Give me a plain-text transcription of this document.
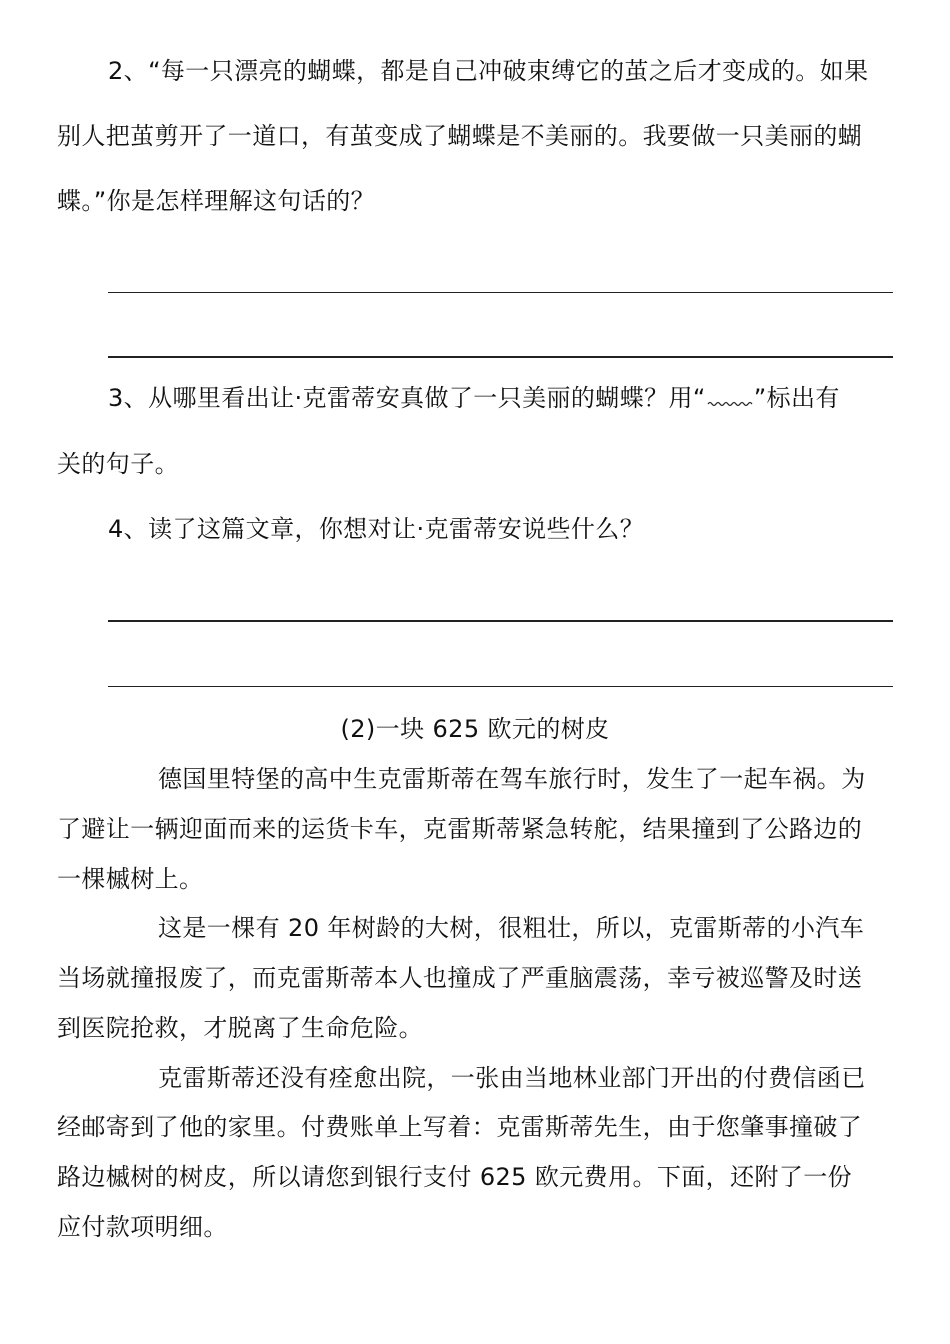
2、“每一只漂亮的蝴蝶，都是自己冲破束缚它的茧之后才变成的。如果

别人把茧剪开了一道口，有茧变成了蝴蝶是不美丽的。我要做一只美丽的蝴

蝶。”你是怎样理解这句话的？

3、从哪里看出让·克雷蒂安真做了一只美丽的蝴蝶？用“ ”标出有

关的句子。

4、读了这篇文章，你想对让·克雷蒂安说些什么？

(2)一块 625 欧元的树皮

德国里特堡的高中生克雷斯蒂在驾车旅行时，发生了一起车祸。为

了避让一辆迎面而来的运货卡车，克雷斯蒂紧急转舵，结果撞到了公路边的

一棵槭树上。

这是一棵有 20 年树龄的大树，很粗壮，所以，克雷斯蒂的小汽车

当场就撞报废了，而克雷斯蒂本人也撞成了严重脑震荡，幸亏被巡警及时送

到医院抢救，才脱离了生命危险。

克雷斯蒂还没有痊愈出院，一张由当地林业部门开出的付费信函已

经邮寄到了他的家里。付费账单上写着：克雷斯蒂先生，由于您肇事撞破了

路边槭树的树皮，所以请您到银行支付 625 欧元费用。下面，还附了一份

应付款项明细。
